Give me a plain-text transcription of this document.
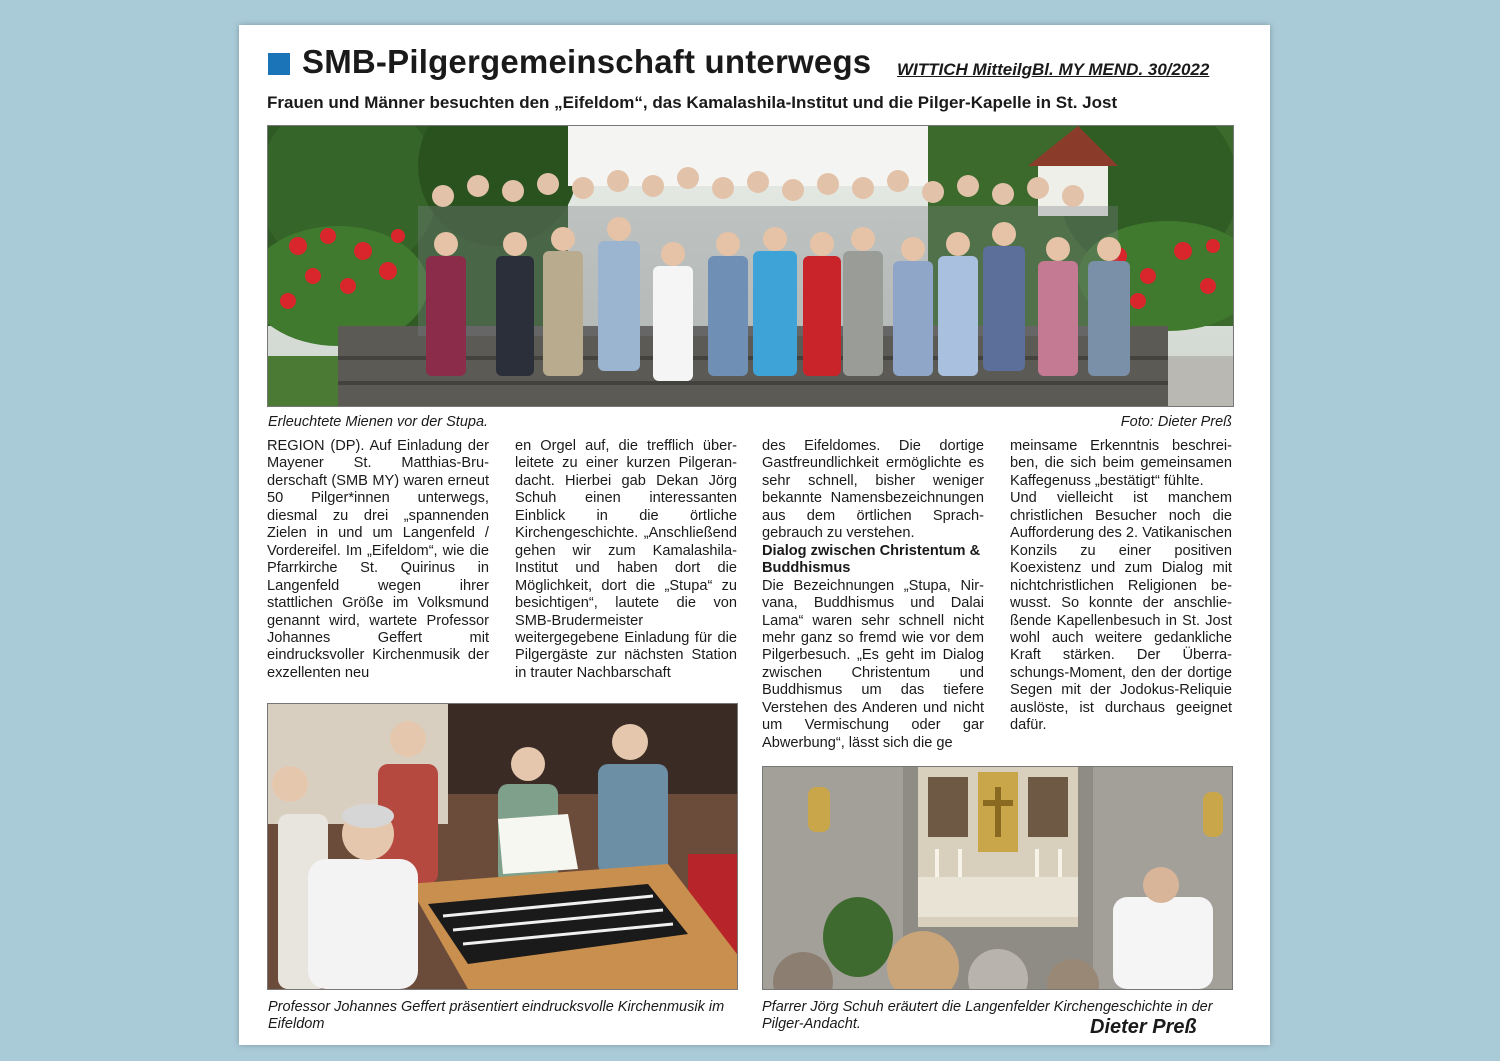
SMB-Pilgergemeinschaft unterwegs WITTICH MitteilgBl. MY MEND. 30/2022
Frauen und Männer besuchten den „Eifeldom“, das Kamalashila-Institut und die Pilger-Kapelle in St. Jost
Erleuchtete Mienen vor der Stupa.	Foto: Dieter Preß

REGION (DP). Auf Einladung der Mayener St. Matthias-Bruderschaft (SMB MY) waren erneut 50 Pilger*innen unterwegs, diesmal zu drei „spannenden Zielen in und um Langenfeld / Vordereifel. Im „Eifeldom“, wie die Pfarrkirche St. Quirinus in Langenfeld wegen ihrer stattlichen Größe im Volksmund genannt wird, wartete Professor Johannes Geffert mit eindrucksvoller Kirchenmusik der exzellenten neu

en Orgel auf, die trefflich überleitete zu einer kurzen Pilgerandacht. Hierbei gab Dekan Jörg Schuh einen interessanten Einblick in die örtliche Kirchengeschichte. „Anschließend gehen wir zum Kamalashila-Institut und haben dort die Möglichkeit, dort die „Stupa“ zu besichtigen“, lautete die von SMB-Brudermeister weitergegebene Einladung für die Pilgergäste zur nächsten Station in trauter Nachbarschaft

des Eifeldomes. Die dortige Gastfreundlichkeit ermöglichte es sehr schnell, bisher weniger bekannte Namensbezeichnungen aus dem örtlichen Sprachgebrauch zu verstehen.

Dialog zwischen Christentum & Buddhismus

Die Bezeichnungen „Stupa, Nirvana, Buddhismus und Dalai Lama“ waren sehr schnell nicht mehr ganz so fremd wie vor dem Pilgerbesuch. „Es geht im Dialog zwischen Christentum und Buddhismus um das tiefere Verstehen des Anderen und nicht um Vermischung oder gar Abwerbung“, lässt sich die ge

meinsame Erkenntnis beschreiben, die sich beim gemeinsamen Kaffegenuss „bestätigt“ fühlte.

Und vielleicht ist manchem christlichen Besucher noch die Aufforderung des 2. Vatikanischen Konzils zu einer positiven Koexistenz und zum Dialog mit nichtchristlichen Religionen bewusst. So konnte der anschließende Kapellenbesuch in St. Jost wohl auch weitere gedankliche Kraft stärken. Der Überraschungs-Moment, den der dortige Segen mit der Jodokus-Reliquie auslöste, ist durchaus geeignet dafür.

Professor Johannes Geffert präsentiert eindrucksvolle Kirchenmusik im Eifeldom
Pfarrer Jörg Schuh eräutert die Langenfelder Kirchengeschichte in der Pilger-Andacht.	Dieter Preß
